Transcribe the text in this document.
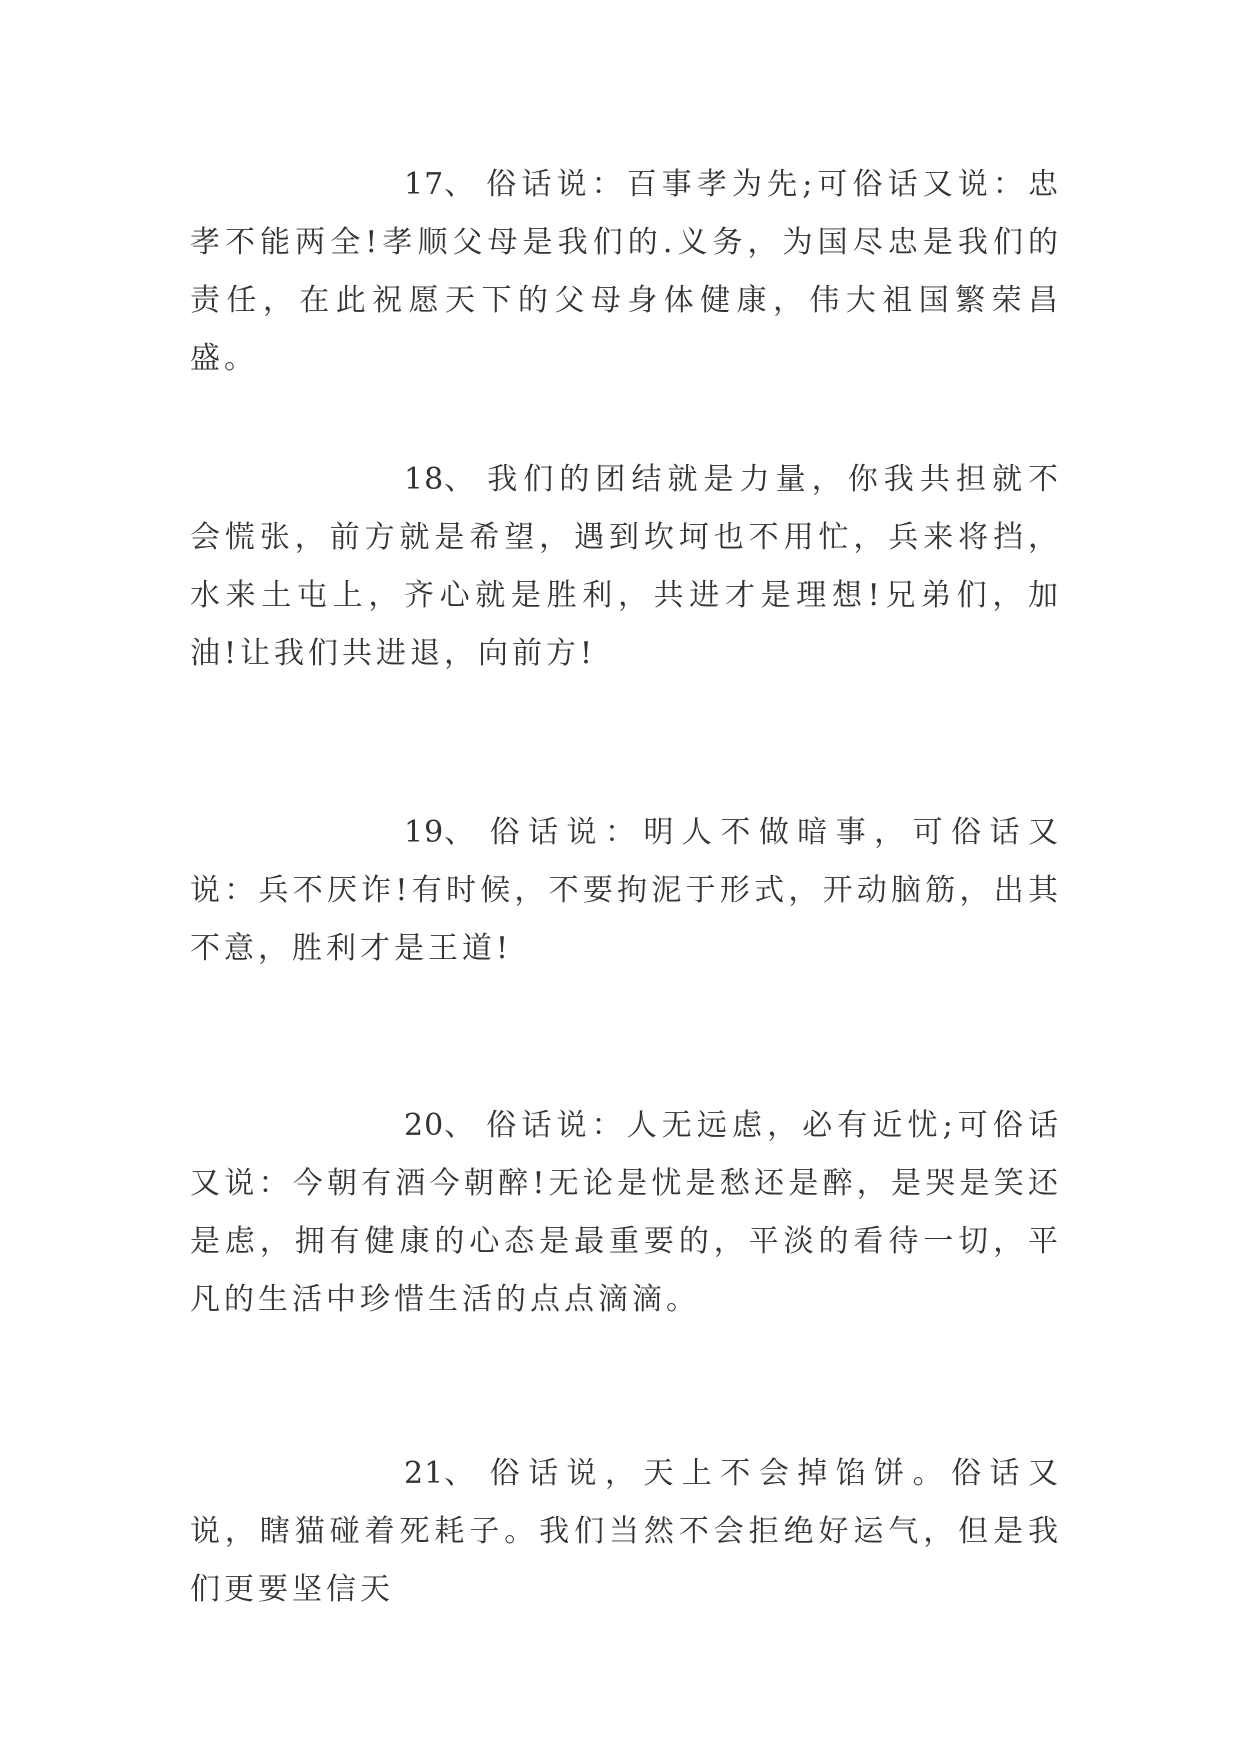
17、 俗话说：百事孝为先;可俗话又说：忠孝不能两全!孝顺父母是我们的.义务，为国尽忠是我们的责任，在此祝愿天下的父母身体健康，伟大祖国繁荣昌盛。

18、 我们的团结就是力量，你我共担就不会慌张，前方就是希望，遇到坎坷也不用忙，兵来将挡，水来土屯上，齐心就是胜利，共进才是理想!兄弟们，加油!让我们共进退，向前方!

19、 俗话说：明人不做暗事，可俗话又说：兵不厌诈!有时候，不要拘泥于形式，开动脑筋，出其不意，胜利才是王道!

20、 俗话说：人无远虑，必有近忧;可俗话又说：今朝有酒今朝醉!无论是忧是愁还是醉，是哭是笑还是虑，拥有健康的心态是最重要的，平淡的看待一切，平凡的生活中珍惜生活的点点滴滴。

21、 俗话说，天上不会掉馅饼。俗话又说，瞎猫碰着死耗子。我们当然不会拒绝好运气，但是我们更要坚信天
